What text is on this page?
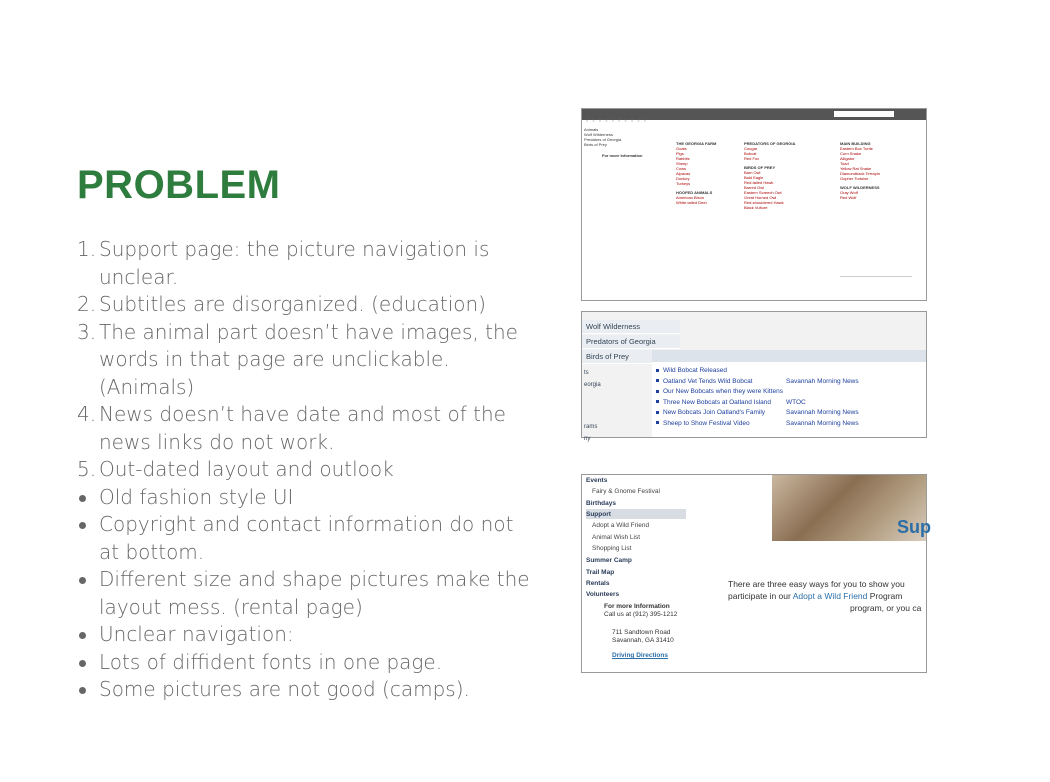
PROBLEM
1. Support page: the picture navigation is unclear.
2. Subtitles are disorganized. (education)
3. The animal part doesn’t have images, the words in that page are unclickable. (Animals)
4. News doesn’t have date and most of the news links do not work.
5. Out-dated layout and outlook
Old fashion style UI
Copyright and contact information do not at bottom.
Different size and shape pictures make the layout mess. (rental page)
Unclear navigation:
Lots of diffident fonts in one page.
Some pictures are not good (camps).
■ ■ ■ ■ ■ ■ ■ ■ ■ ■
Animals
Wolf Wilderness
Predators of Georgia
Birds of Prey
For more Information
THE GEORGIA FARM
Goats
Pigs
Rabbits
Sheep
Cows
Alpacas
Donkey
Turkeys
HOOFED ANIMALS
American Bison
White-tailed Deer
PREDATORS OF GEORGIA
Cougar
Bobcat
Red Fox
BIRDS OF PREY
Barn Owl
Bald Eagle
Red-tailed Hawk
Barred Owl
Eastern Screech Owl
Great Horned Owl
Red-shouldered Hawk
Black Vulture
MAIN BUILDING
Eastern Box Turtle
Corn Snake
Alligator
Toad
Yellow Rat Snake
Diamondback Terrapin
Gopher Tortoise
WOLF WILDERNESS
Gray Wolf
Red Wolf
Wolf Wilderness
Predators of Georgia
Birds of Prey
ts
eorgia
rams
ny
Wild Bobcat Released
Oatland Vet Tends Wild Bobcat	Savannah Morning News
Our New Bobcats when they were Kittens
Three New Bobcats at Oatland Island WTOC
New Bobcats Join Oatland's Family	Savannah Morning News
Sheep to Show Festival Video	Savannah Morning News
Events
Fairy & Gnome Festival
Birthdays
Support
Adopt a Wild Friend
Animal Wish List
Shopping List
Summer Camp
Trail Map
Rentals
Volunteers
For more Information
Call us at (912) 395-1212
711 Sandtown Road
Savannah, GA 31410
Driving Directions
Sup
There are three easy ways for you to show you
participate in our Adopt a Wild Friend Program
program, or you ca
